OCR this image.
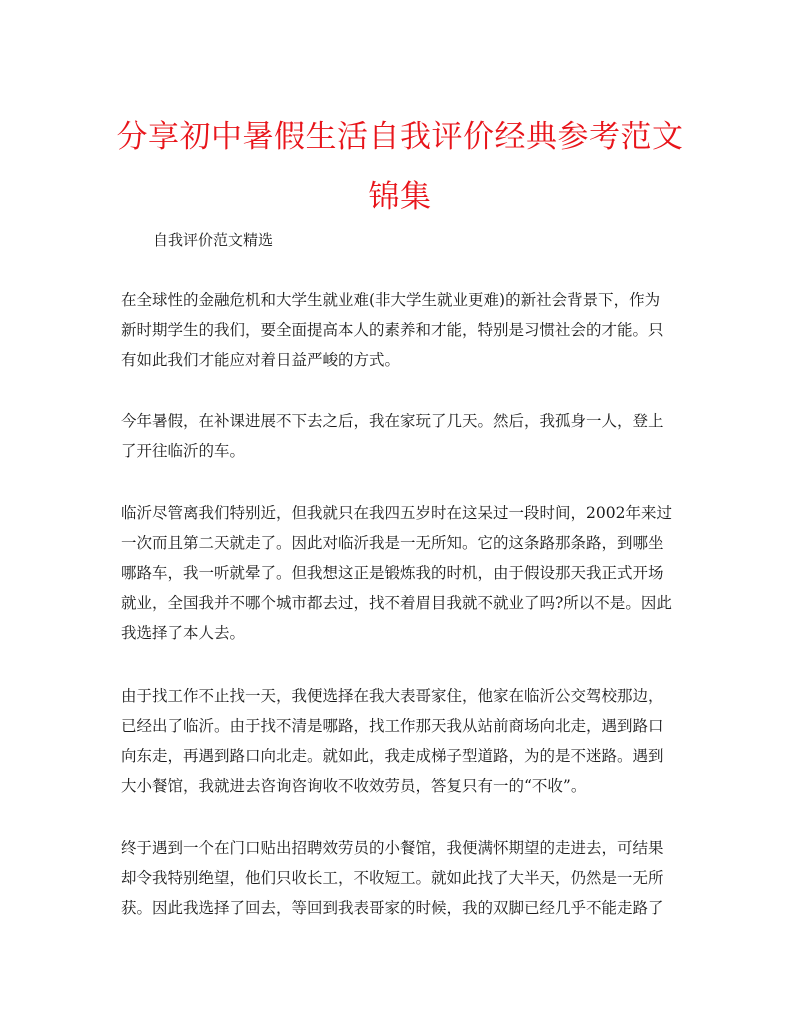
分享初中暑假生活自我评价经典参考范文
锦集

自我评价范文精选

在全球性的金融危机和大学生就业难(非大学生就业更难)的新社会背景下，作为

新时期学生的我们，要全面提高本人的素养和才能，特别是习惯社会的才能。只

有如此我们才能应对着日益严峻的方式。

今年暑假，在补课进展不下去之后，我在家玩了几天。然后，我孤身一人，登上

了开往临沂的车。

临沂尽管离我们特别近，但我就只在我四五岁时在这呆过一段时间，2002年来过

一次而且第二天就走了。因此对临沂我是一无所知。它的这条路那条路，到哪坐

哪路车，我一听就晕了。但我想这正是锻炼我的时机，由于假设那天我正式开场

就业，全国我并不哪个城市都去过，找不着眉目我就不就业了吗?所以不是。因此

我选择了本人去。

由于找工作不止找一天，我便选择在我大表哥家住，他家在临沂公交驾校那边，

已经出了临沂。由于找不清是哪路，找工作那天我从站前商场向北走，遇到路口

向东走，再遇到路口向北走。就如此，我走成梯子型道路，为的是不迷路。遇到

大小餐馆，我就进去咨询咨询收不收效劳员，答复只有一的“不收”。

终于遇到一个在门口贴出招聘效劳员的小餐馆，我便满怀期望的走进去，可结果

却令我特别绝望，他们只收长工，不收短工。就如此找了大半天，仍然是一无所

获。因此我选择了回去，等回到我表哥家的时候，我的双脚已经几乎不能走路了
